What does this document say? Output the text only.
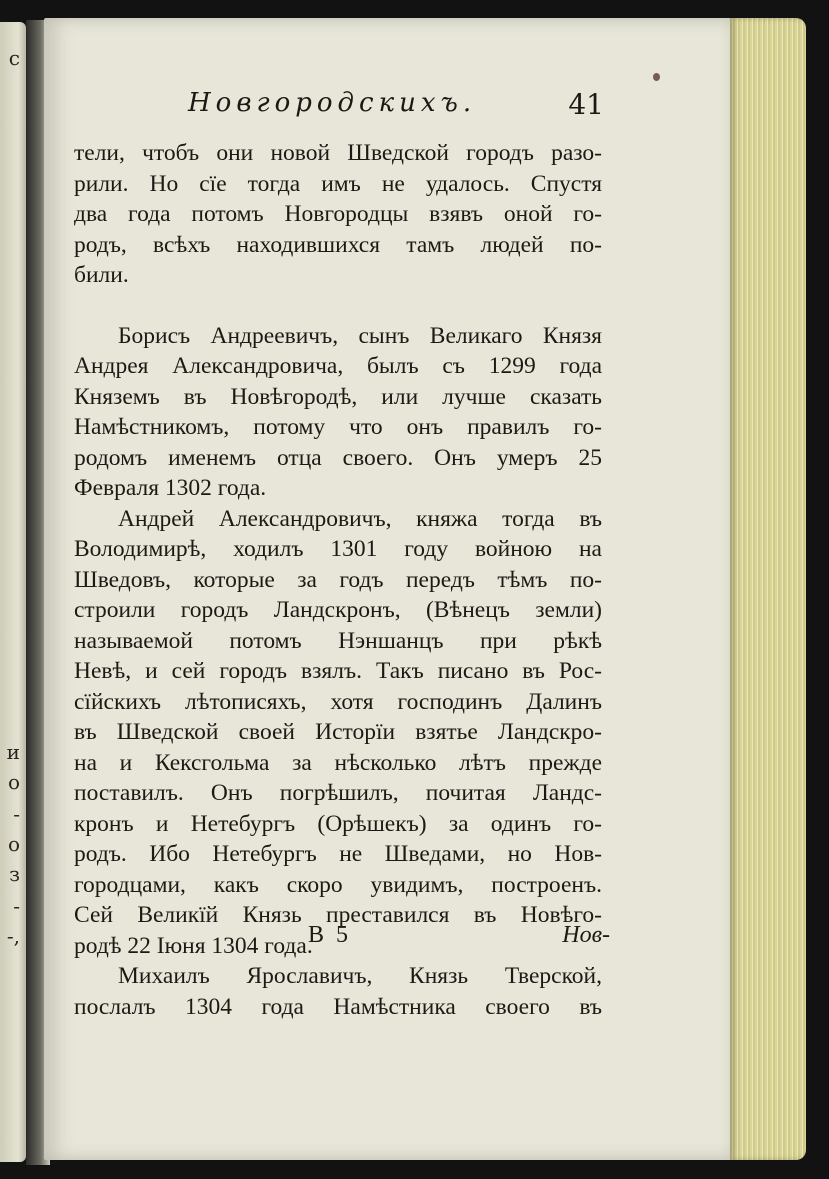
с
и
о
-
о
з
-
-,
Новгородскихъ.	41
тели, чтобъ они новой Шведской городъ разо-
рили. Но сїе тогда имъ не удалось. Спустя
два года потомъ Новгородцы взявъ оной го-
родъ, всѣхъ находившихся тамъ людей по-
били.
Борисъ Андреевичъ, сынъ Великаго Князя
Андрея Александровича, былъ съ 1299 года
Княземъ въ Новѣгородѣ, или лучше сказать
Намѣстникомъ, потому что онъ правилъ го-
родомъ именемъ отца своего. Онъ умеръ 25
Февраля 1302 года.
Андрей Александровичъ, княжа тогда въ
Володимирѣ, ходилъ 1301 году войною на
Шведовъ, которые за годъ передъ тѣмъ по-
строили городъ Ландскронъ, (Вѣнецъ земли)
называемой потомъ Нэншанцъ при рѣкѣ
Невѣ, и сей городъ взялъ. Такъ писано въ Рос-
сїйскихъ лѣтописяхъ, хотя господинъ Далинъ
въ Шведской своей Исторїи взятье Ландскро-
на и Кексгольма за нѣсколько лѣтъ прежде
поставилъ. Онъ погрѣшилъ, почитая Ландс-
кронъ и Нетебургъ (Орѣшекъ) за одинъ го-
родъ. Ибо Нетебургъ не Шведами, но Нов-
городцами, какъ скоро увидимъ, построенъ.
Сей Великїй Князь преставился въ Новѣго-
родѣ 22 Iюня 1304 года.
Михаилъ Ярославичъ, Князь Тверской,
послалъ 1304 года Намѣстника своего въ
В 5	Нов-
